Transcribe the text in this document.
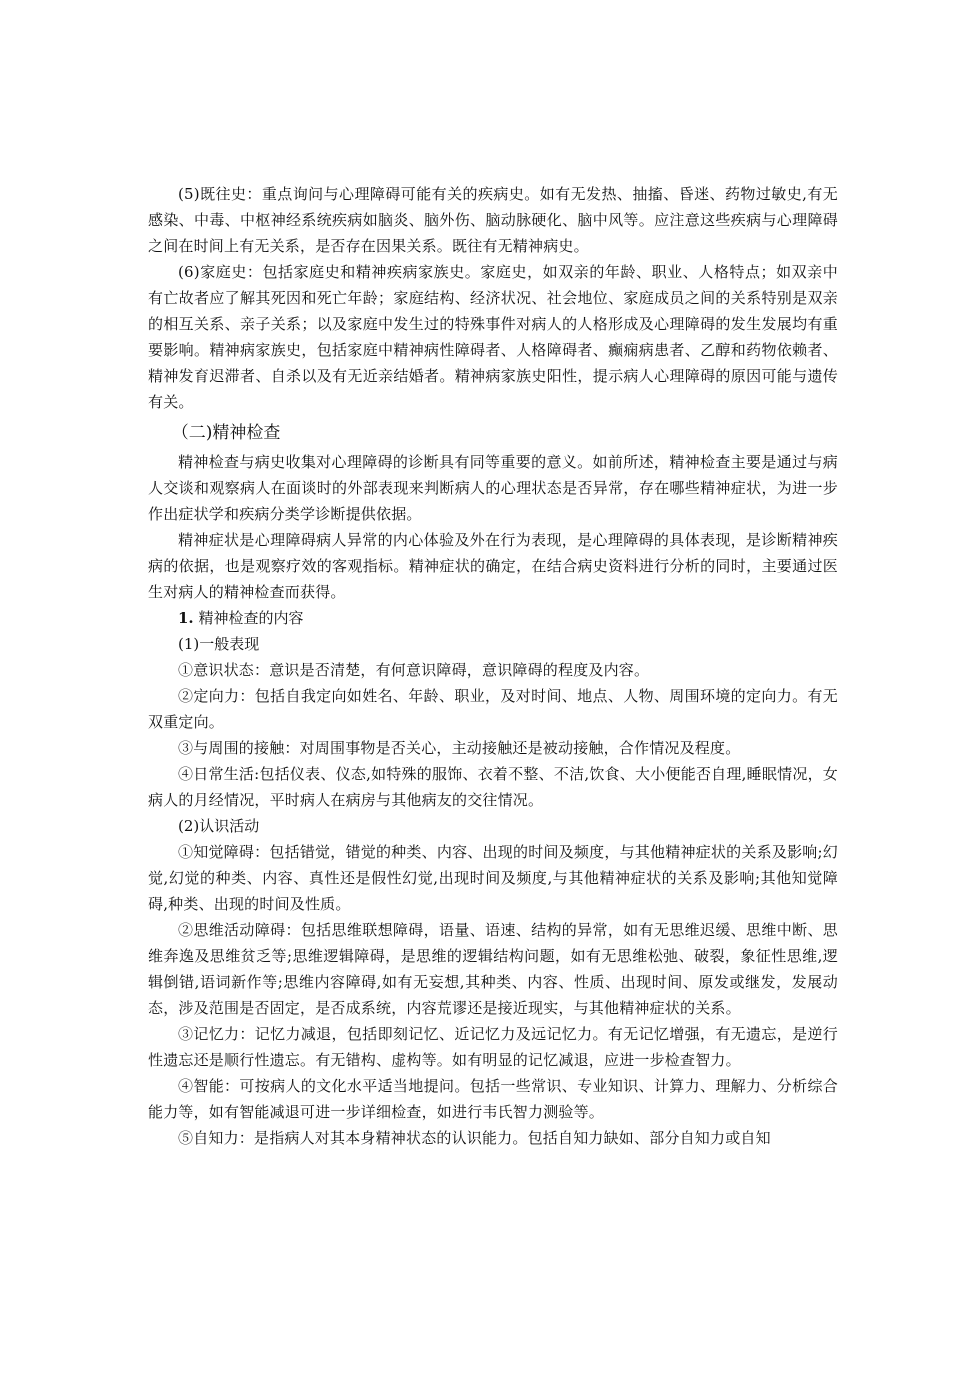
(5)既往史：重点询问与心理障碍可能有关的疾病史。如有无发热、抽搐、昏迷、药物过敏史,有无感染、中毒、中枢神经系统疾病如脑炎、脑外伤、脑动脉硬化、脑中风等。应注意这些疾病与心理障碍之间在时间上有无关系，是否存在因果关系。既往有无精神病史。

(6)家庭史：包括家庭史和精神疾病家族史。家庭史，如双亲的年龄、职业、人格特点；如双亲中有亡故者应了解其死因和死亡年龄；家庭结构、经济状况、社会地位、家庭成员之间的关系特别是双亲的相互关系、亲子关系；以及家庭中发生过的特殊事件对病人的人格形成及心理障碍的发生发展均有重要影响。精神病家族史，包括家庭中精神病性障碍者、人格障碍者、癫痫病患者、乙醇和药物依赖者、精神发育迟滞者、自杀以及有无近亲结婚者。精神病家族史阳性，提示病人心理障碍的原因可能与遗传有关。

（二)精神检查

精神检查与病史收集对心理障碍的诊断具有同等重要的意义。如前所述，精神检查主要是通过与病人交谈和观察病人在面谈时的外部表现来判断病人的心理状态是否异常，存在哪些精神症状，为进一步作出症状学和疾病分类学诊断提供依据。

精神症状是心理障碍病人异常的内心体验及外在行为表现，是心理障碍的具体表现，是诊断精神疾病的依据，也是观察疗效的客观指标。精神症状的确定，在结合病史资料进行分析的同时，主要通过医生对病人的精神检查而获得。

1. 精神检查的内容

(1)一般表现

①意识状态：意识是否清楚，有何意识障碍，意识障碍的程度及内容。

②定向力：包括自我定向如姓名、年龄、职业，及对时间、地点、人物、周围环境的定向力。有无双重定向。

③与周围的接触：对周围事物是否关心，主动接触还是被动接触，合作情况及程度。

④日常生活:包括仪表、仪态,如特殊的服饰、衣着不整、不洁,饮食、大小便能否自理,睡眠情况，女病人的月经情况，平时病人在病房与其他病友的交往情况。

(2)认识活动

①知觉障碍：包括错觉，错觉的种类、内容、出现的时间及频度，与其他精神症状的关系及影响;幻觉,幻觉的种类、内容、真性还是假性幻觉,出现时间及频度,与其他精神症状的关系及影响;其他知觉障碍,种类、出现的时间及性质。

②思维活动障碍：包括思维联想障碍，语量、语速、结构的异常，如有无思维迟缓、思维中断、思维奔逸及思维贫乏等;思维逻辑障碍，是思维的逻辑结构问题，如有无思维松弛、破裂，象征性思维,逻辑倒错,语词新作等;思维内容障碍,如有无妄想,其种类、内容、性质、出现时间、原发或继发，发展动态，涉及范围是否固定，是否成系统，内容荒谬还是接近现实，与其他精神症状的关系。

③记忆力：记忆力减退，包括即刻记忆、近记忆力及远记忆力。有无记忆增强，有无遗忘，是逆行性遗忘还是顺行性遗忘。有无错构、虚构等。如有明显的记忆减退，应进一步检查智力。

④智能：可按病人的文化水平适当地提问。包括一些常识、专业知识、计算力、理解力、分析综合能力等，如有智能减退可进一步详细检查，如进行韦氏智力测验等。

⑤自知力：是指病人对其本身精神状态的认识能力。包括自知力缺如、部分自知力或自知
